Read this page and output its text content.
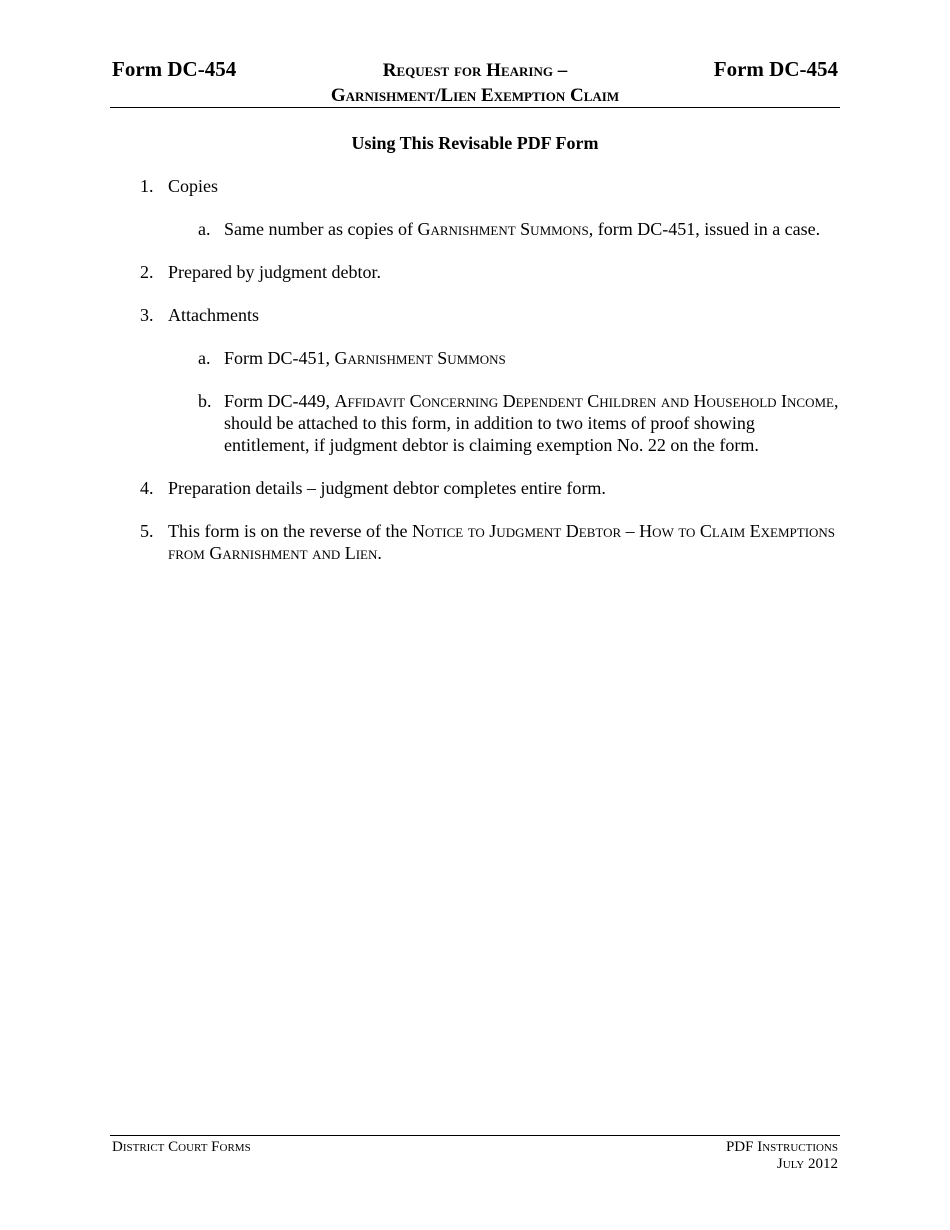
Form DC-454	Request for Hearing –
Garnishment/Lien Exemption Claim
Form DC-454
Using This Revisable PDF Form
1. Copies
a. Same number as copies of Garnishment Summons, form DC-451, issued in a case.
2. Prepared by judgment debtor.
3. Attachments
a. Form DC-451, Garnishment Summons
b. Form DC-449, Affidavit Concerning Dependent Children and Household Income, should be attached to this form, in addition to two items of proof showing entitlement, if judgment debtor is claiming exemption No. 22 on the form.
4. Preparation details – judgment debtor completes entire form.
5. This form is on the reverse of the Notice to Judgment Debtor – How to Claim Exemptions from Garnishment and Lien.
District Court Forms	PDF Instructions
July 2012
